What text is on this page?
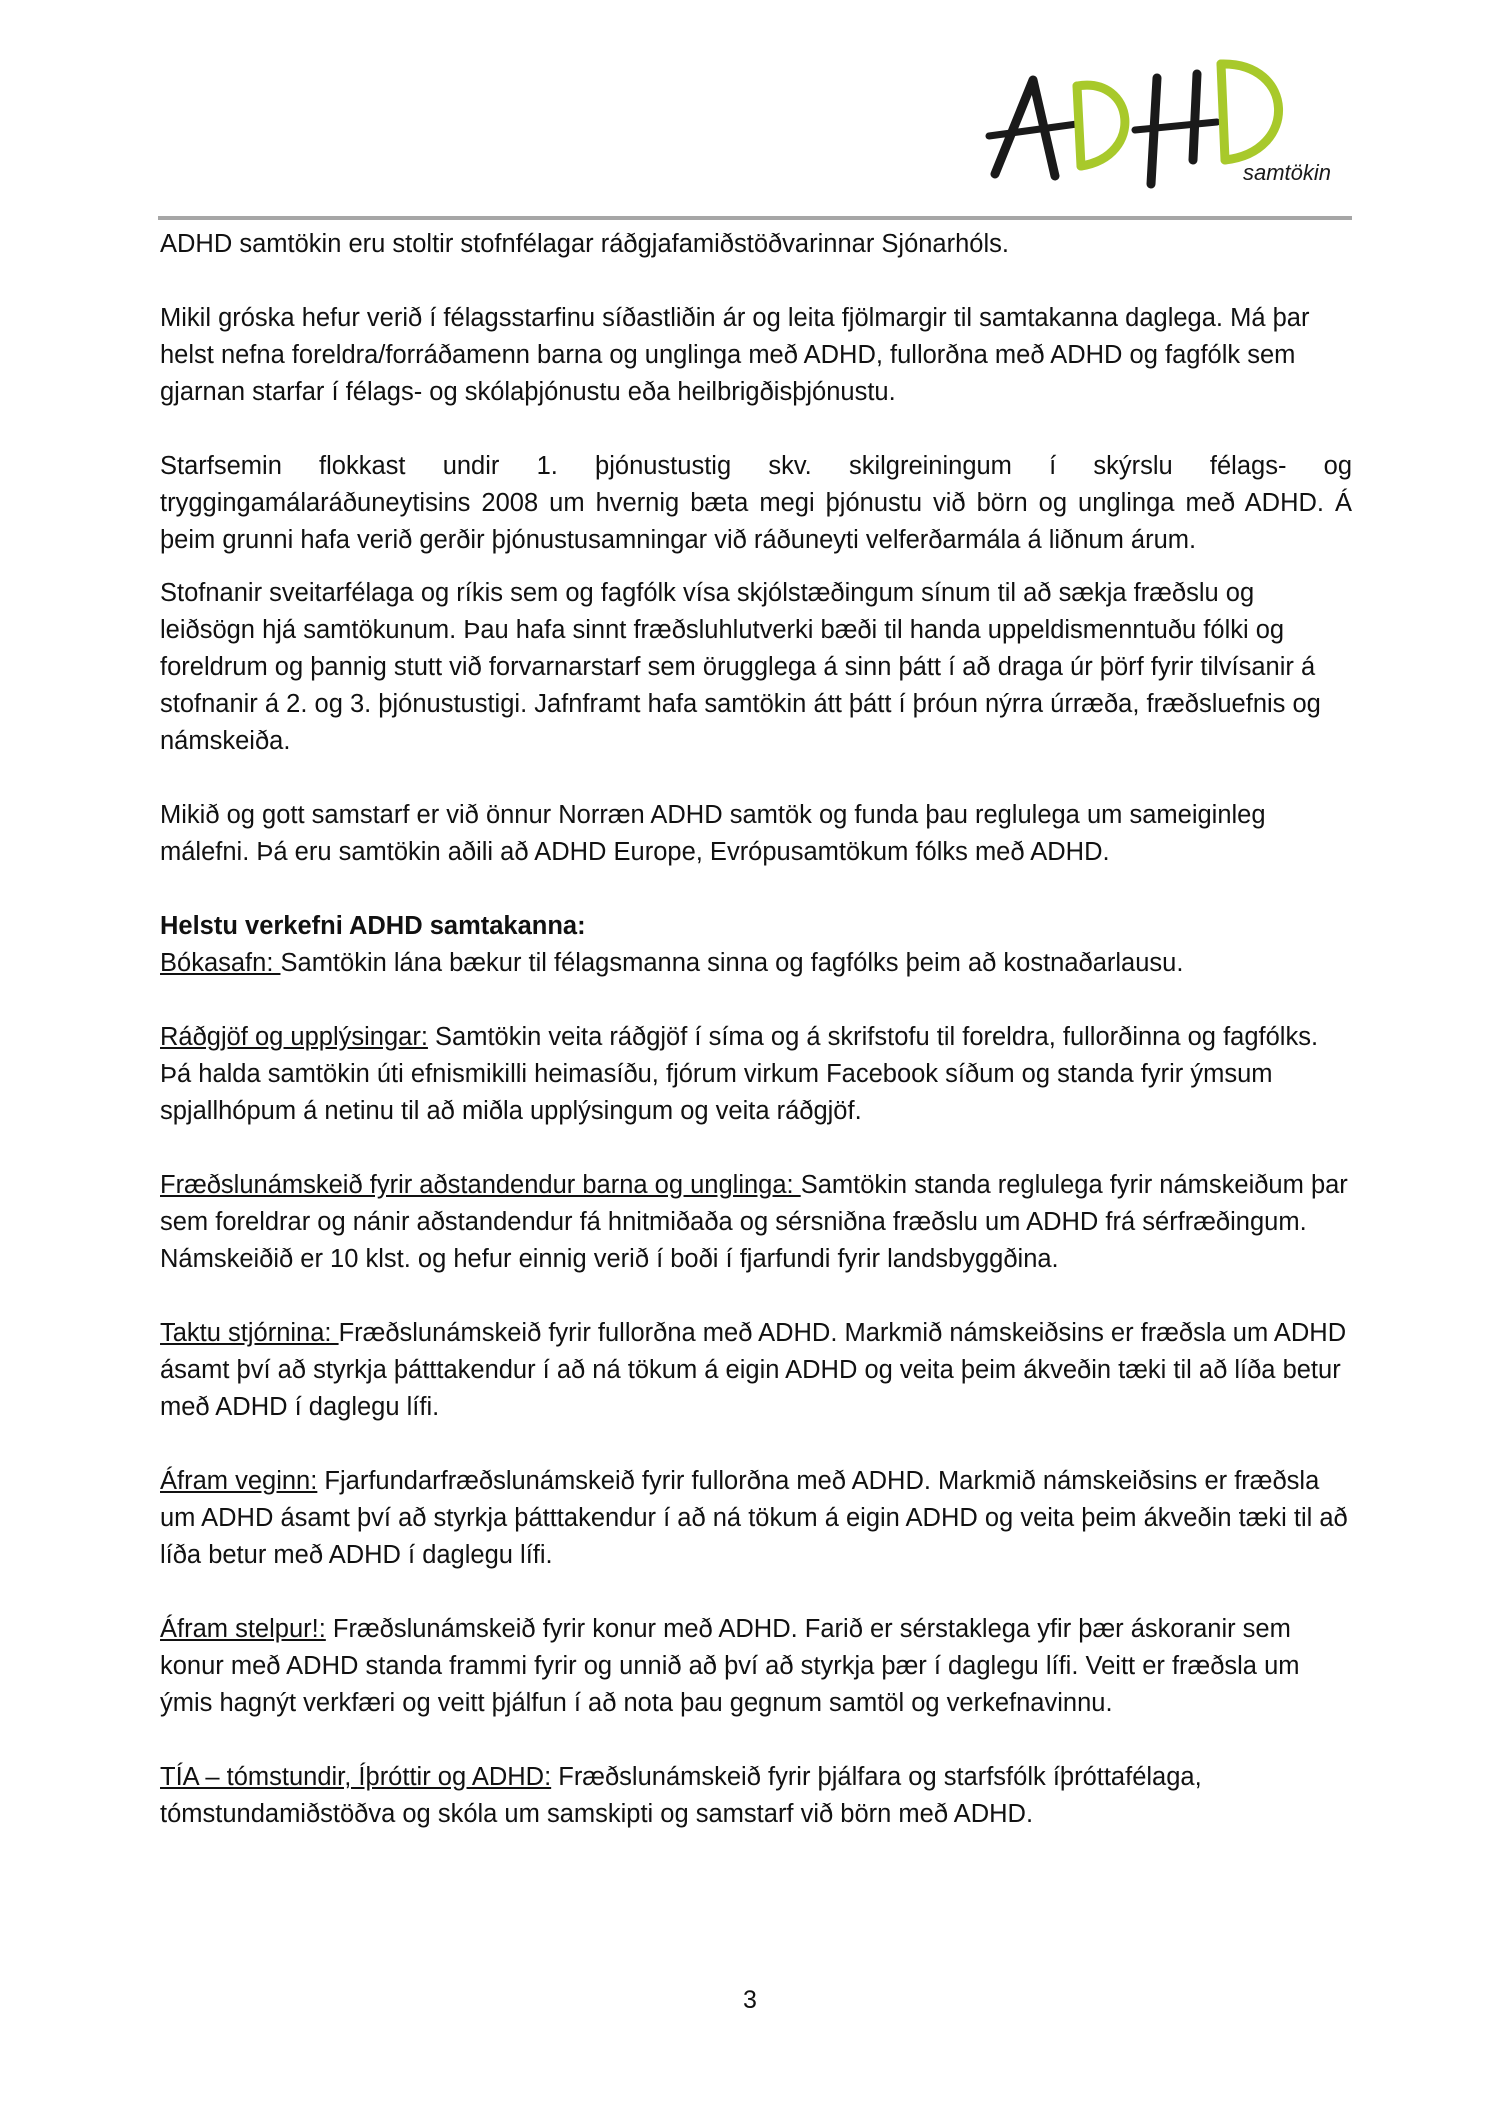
samtökin

ADHD samtökin eru stoltir stofnfélagar ráðgjafamiðstöðvarinnar Sjónarhóls.

Mikil gróska hefur verið í félagsstarfinu síðastliðin ár og leita fjölmargir til samtakanna daglega. Má þar helst nefna foreldra/forráðamenn barna og unglinga með ADHD, fullorðna með ADHD og fagfólk sem gjarnan starfar í félags- og skólaþjónustu eða heilbrigðisþjónustu.

Starfsemin flokkast undir 1. þjónustustig skv. skilgreiningum í skýrslu félags- og tryggingamálaráðuneytisins 2008 um hvernig bæta megi þjónustu við börn og unglinga með ADHD. Á þeim grunni hafa verið gerðir þjónustusamningar við ráðuneyti velferðarmála á liðnum árum.

Stofnanir sveitarfélaga og ríkis sem og fagfólk vísa skjólstæðingum sínum til að sækja fræðslu og leiðsögn hjá samtökunum. Þau hafa sinnt fræðsluhlutverki bæði til handa uppeldismenntuðu fólki og foreldrum og þannig stutt við forvarnarstarf sem örugglega á sinn þátt í að draga úr þörf fyrir tilvísanir á stofnanir á 2. og 3. þjónustustigi. Jafnframt hafa samtökin átt þátt í þróun nýrra úrræða, fræðsluefnis og námskeiða.

Mikið og gott samstarf er við önnur Norræn ADHD samtök og funda þau reglulega um sameiginleg málefni. Þá eru samtökin aðili að ADHD Europe, Evrópusamtökum fólks með ADHD.

Helstu verkefni ADHD samtakanna:

Bókasafn: Samtökin lána bækur til félagsmanna sinna og fagfólks þeim að kostnaðarlausu.

Ráðgjöf og upplýsingar: Samtökin veita ráðgjöf í síma og á skrifstofu til foreldra, fullorðinna og fagfólks. Þá halda samtökin úti efnismikilli heimasíðu, fjórum virkum Facebook síðum og standa fyrir ýmsum spjallhópum á netinu til að miðla upplýsingum og veita ráðgjöf.

Fræðslunámskeið fyrir aðstandendur barna og unglinga: Samtökin standa reglulega fyrir námskeiðum þar sem foreldrar og nánir aðstandendur fá hnitmiðaða og sérsniðna fræðslu um ADHD frá sérfræðingum. Námskeiðið er 10 klst. og hefur einnig verið í boði í fjarfundi fyrir landsbyggðina.

Taktu stjórnina: Fræðslunámskeið fyrir fullorðna með ADHD. Markmið námskeiðsins er fræðsla um ADHD ásamt því að styrkja þátttakendur í að ná tökum á eigin ADHD og veita þeim ákveðin tæki til að líða betur með ADHD í daglegu lífi.

Áfram veginn: Fjarfundarfræðslunámskeið fyrir fullorðna með ADHD. Markmið námskeiðsins er fræðsla um ADHD ásamt því að styrkja þátttakendur í að ná tökum á eigin ADHD og veita þeim ákveðin tæki til að líða betur með ADHD í daglegu lífi.

Áfram stelpur!: Fræðslunámskeið fyrir konur með ADHD. Farið er sérstaklega yfir þær áskoranir sem konur með ADHD standa frammi fyrir og unnið að því að styrkja þær í daglegu lífi. Veitt er fræðsla um ýmis hagnýt verkfæri og veitt þjálfun í að nota þau gegnum samtöl og verkefnavinnu.

TÍA – tómstundir, Íþróttir og ADHD: Fræðslunámskeið fyrir þjálfara og starfsfólk íþróttafélaga, tómstundamiðstöðva og skóla um samskipti og samstarf við börn með ADHD.

3
